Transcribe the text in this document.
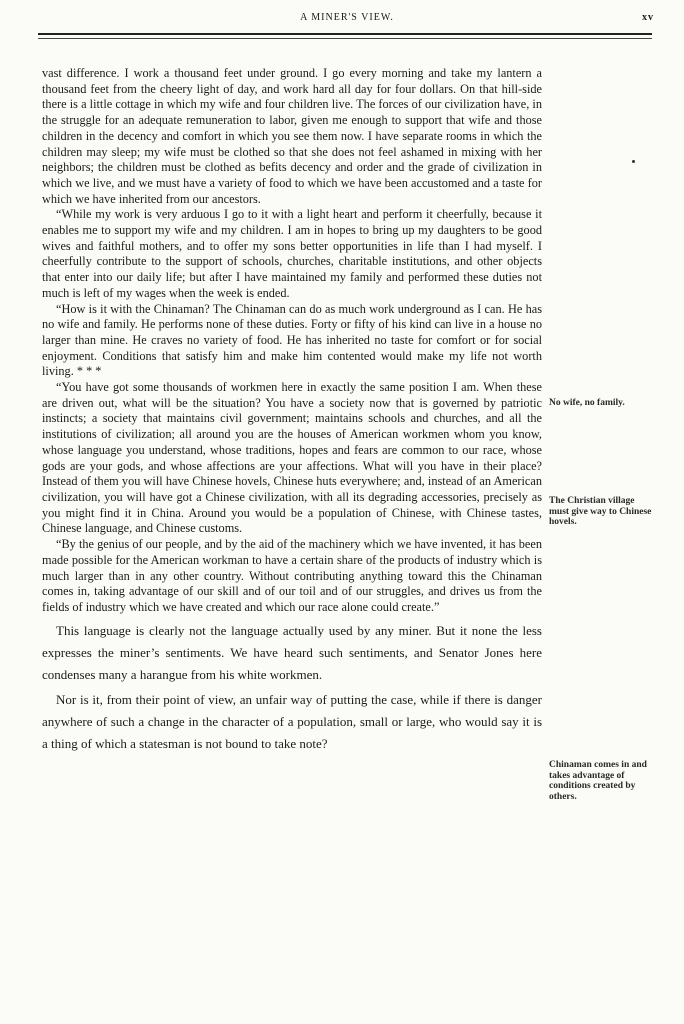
A MINER'S VIEW.	xv

vast difference. I work a thousand feet under ground. I go every morning and take my lantern a thousand feet from the cheery light of day, and work hard all day for four dollars. On that hill-side there is a little cottage in which my wife and four children live. The forces of our civilization have, in the struggle for an adequate remuneration to labor, given me enough to support that wife and those children in the decency and comfort in which you see them now. I have separate rooms in which the children may sleep; my wife must be clothed so that she does not feel ashamed in mixing with her neighbors; the children must be clothed as befits decency and order and the grade of civilization in which we live, and we must have a variety of food to which we have been accustomed and a taste for which we have inherited from our ancestors.

“While my work is very arduous I go to it with a light heart and perform it cheerfully, because it enables me to support my wife and my children. I am in hopes to bring up my daughters to be good wives and faithful mothers, and to offer my sons better opportunities in life than I had myself. I cheerfully contribute to the support of schools, churches, charitable institutions, and other objects that enter into our daily life; but after I have maintained my family and performed these duties not much is left of my wages when the week is ended.

“How is it with the Chinaman? The Chinaman can do as much work underground as I can. He has no wife and family. He performs none of these duties. Forty or fifty of his kind can live in a house no larger than mine. He craves no variety of food. He has inherited no taste for comfort or for social enjoyment. Conditions that satisfy him and make him contented would make my life not worth living. * * *

“You have got some thousands of workmen here in exactly the same position I am. When these are driven out, what will be the situation? You have a society now that is governed by patriotic instincts; a society that maintains civil government; maintains schools and churches, and all the institutions of civilization; all around you are the houses of American workmen whom you know, whose language you understand, whose traditions, hopes and fears are common to our race, whose gods are your gods, and whose affections are your affections. What will you have in their place? Instead of them you will have Chinese hovels, Chinese huts everywhere; and, instead of an American civilization, you will have got a Chinese civilization, with all its degrading accessories, precisely as you might find it in China. Around you would be a population of Chinese, with Chinese tastes, Chinese language, and Chinese customs.

“By the genius of our people, and by the aid of the machinery which we have invented, it has been made possible for the American workman to have a certain share of the products of industry which is much larger than in any other country. Without contributing anything toward this the Chinaman comes in, taking advantage of our skill and of our toil and of our struggles, and drives us from the fields of industry which we have created and which our race alone could create.”

This language is clearly not the language actually used by any miner. But it none the less expresses the miner’s sentiments. We have heard such sentiments, and Senator Jones here condenses many a harangue from his white workmen.

Nor is it, from their point of view, an unfair way of putting the case, while if there is danger anywhere of such a change in the character of a population, small or large, who would say it is a thing of which a statesman is not bound to take note?

No wife, no family.
The Christian village must give way to Chinese hovels.
Chinaman comes in and takes advantage of conditions created by others.
